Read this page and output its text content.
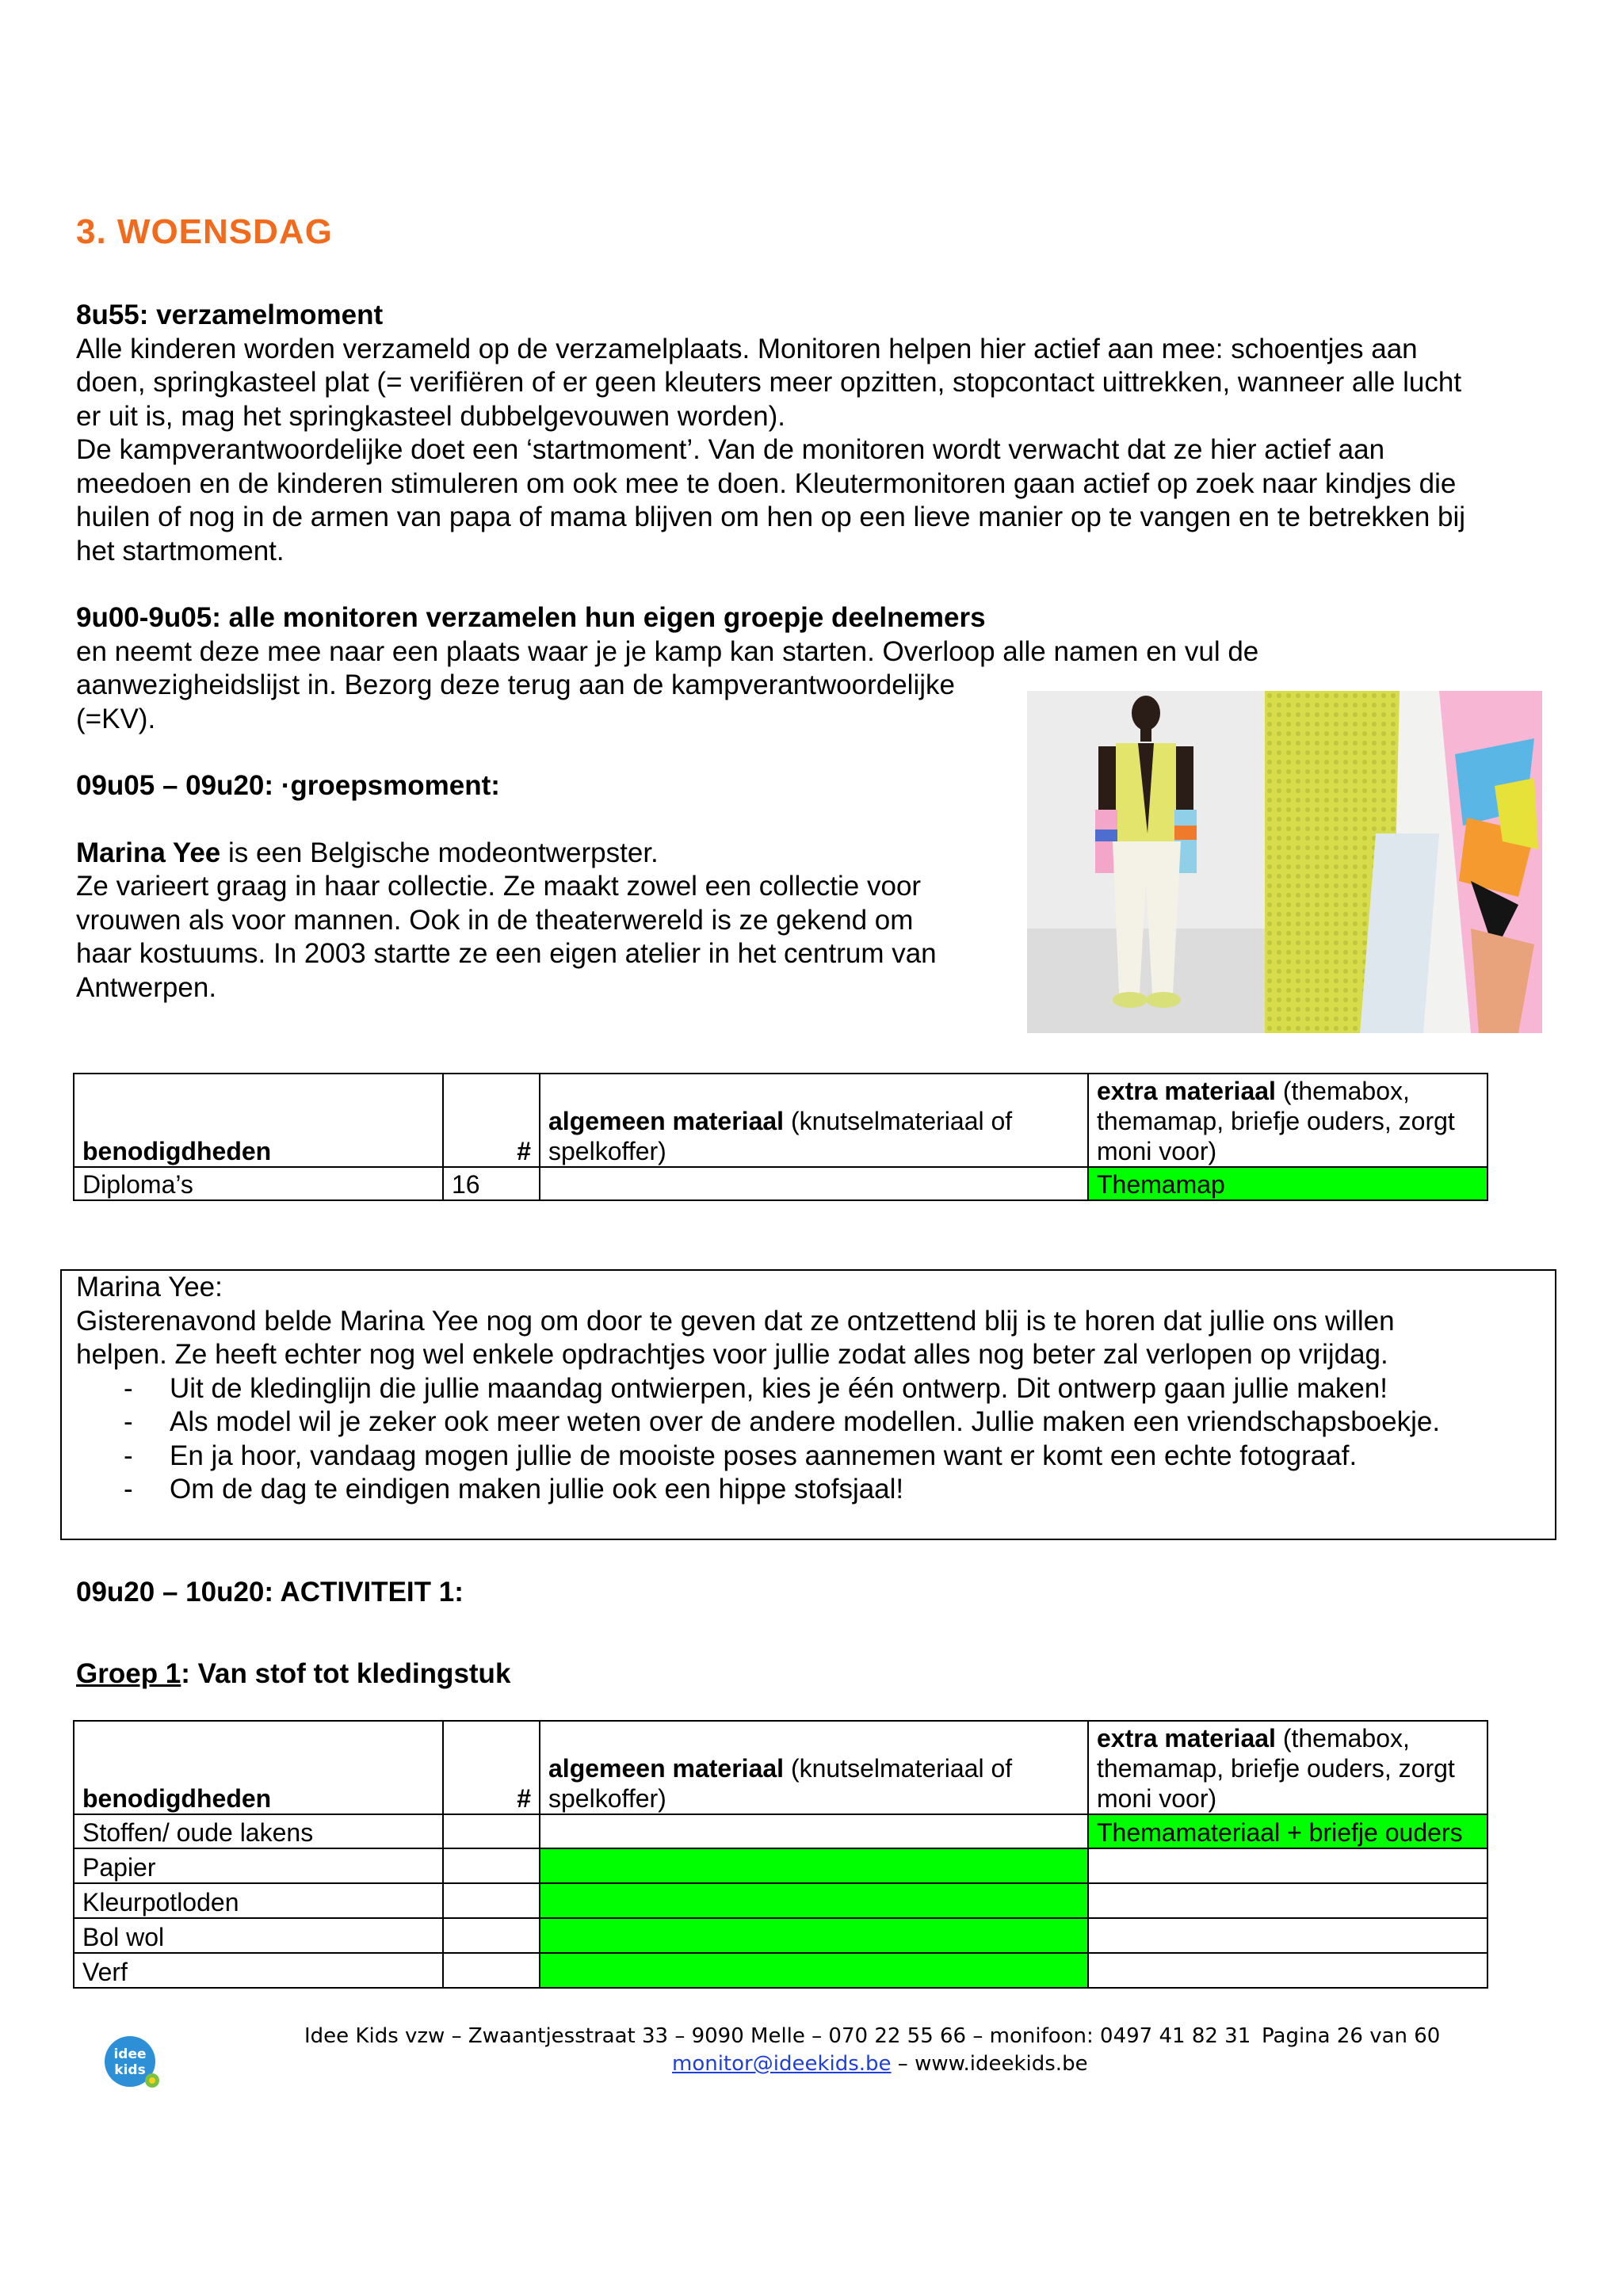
3. WOENSDAG
8u55: verzamelmoment
Alle kinderen worden verzameld op de verzamelplaats. Monitoren helpen hier actief aan mee: schoentjes aan
doen, springkasteel plat (= verifiëren of er geen kleuters meer opzitten, stopcontact uittrekken, wanneer alle lucht
er uit is, mag het springkasteel dubbelgevouwen worden).
De kampverantwoordelijke doet een ‘startmoment’. Van de monitoren wordt verwacht dat ze hier actief aan
meedoen en de kinderen stimuleren om ook mee te doen. Kleutermonitoren gaan actief op zoek naar kindjes die
huilen of nog in de armen van papa of mama blijven om hen op een lieve manier op te vangen en te betrekken bij
het startmoment.
9u00-9u05: alle monitoren verzamelen hun eigen groepje deelnemers
en neemt deze mee naar een plaats waar je je kamp kan starten. Overloop alle namen en vul de
aanwezigheidslijst in. Bezorg deze terug aan de kampverantwoordelijke
(=KV).
09u05 – 09u20: ·groepsmoment:
Marina Yee is een Belgische modeontwerpster.
Ze varieert graag in haar collectie. Ze maakt zowel een collectie voor
vrouwen als voor mannen. Ook in de theaterwereld is ze gekend om
haar kostuums. In 2003 startte ze een eigen atelier in het centrum van
Antwerpen.
benodigdheden	#	algemeen materiaal (knutselmateriaal of spelkoffer)	extra materiaal (themabox, themamap, briefje ouders, zorgt moni voor)
Diploma’s	16		Themamap
Marina Yee:
Gisterenavond belde Marina Yee nog om door te geven dat ze ontzettend blij is te horen dat jullie ons willen
helpen. Ze heeft echter nog wel enkele opdrachtjes voor jullie zodat alles nog beter zal verlopen op vrijdag.
- Uit de kledinglijn die jullie maandag ontwierpen, kies je één ontwerp. Dit ontwerp gaan jullie maken!
- Als model wil je zeker ook meer weten over de andere modellen. Jullie maken een vriendschapsboekje.
- En ja hoor, vandaag mogen jullie de mooiste poses aannemen want er komt een echte fotograaf.
- Om de dag te eindigen maken jullie ook een hippe stofsjaal!
09u20 – 10u20: ACTIVITEIT 1:
Groep 1: Van stof tot kledingstuk
benodigdheden	#	algemeen materiaal (knutselmateriaal of spelkoffer)	extra materiaal (themabox, themamap, briefje ouders, zorgt moni voor)
Stoffen/ oude lakens			Themamateriaal + briefje ouders
Papier			
Kleurpotloden			
Bol wol			
Verf			
idee
kids
Idee Kids vzw – Zwaantjesstraat 33 – 9090 Melle – 070 22 55 66 – monifoon: 0497 41 82 31 Pagina 26 van 60
monitor@ideekids.be – www.ideekids.be
